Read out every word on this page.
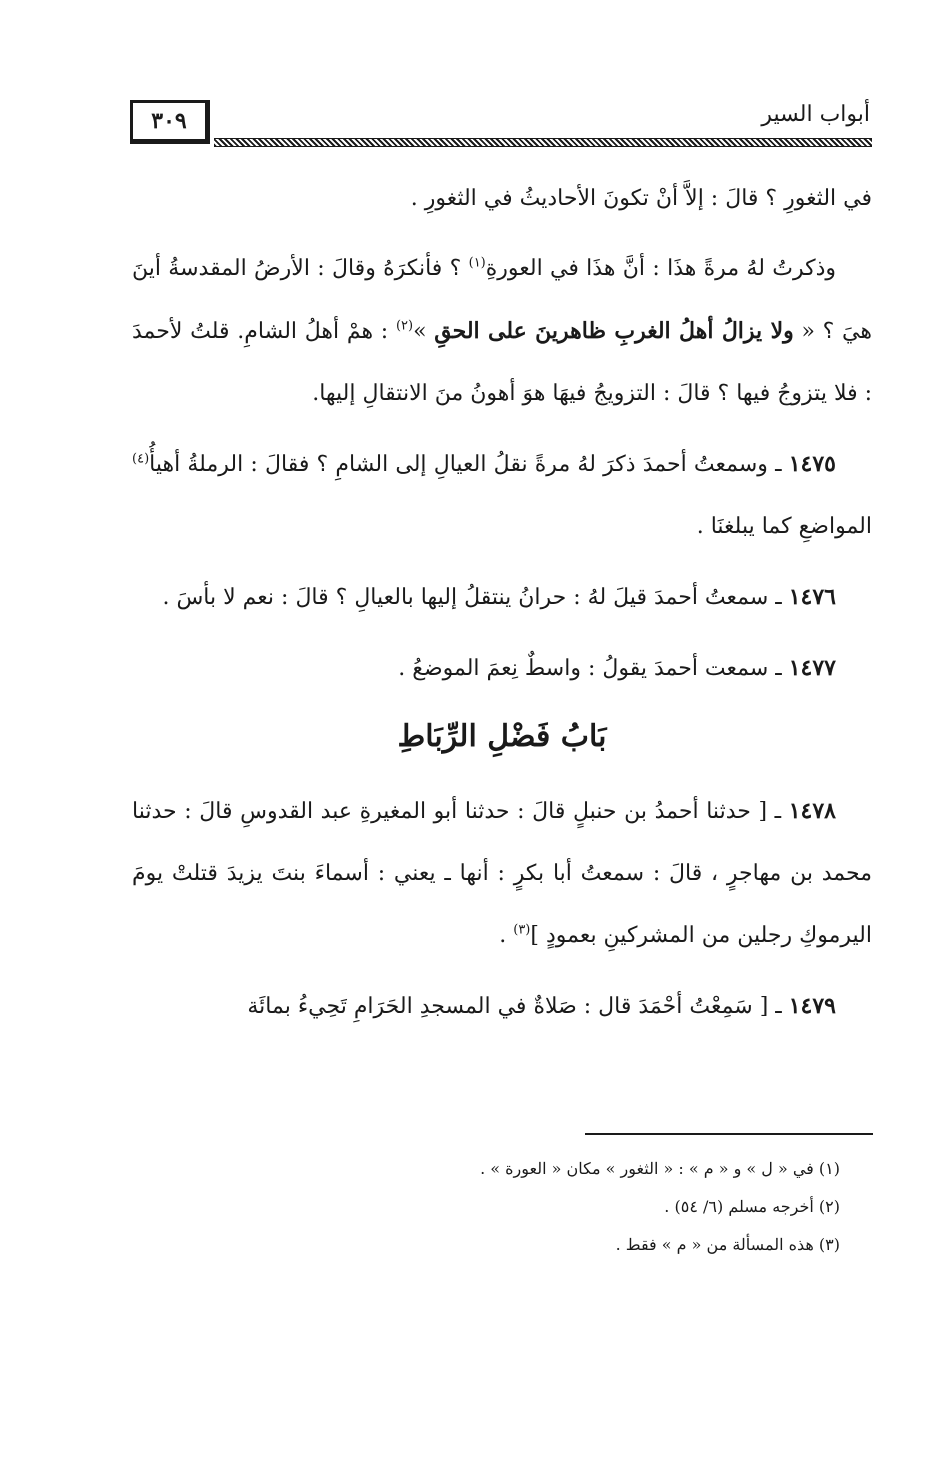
٣٠٩	أبواب السير

في الثغورِ ؟ قالَ : إلاَّ أنْ تكونَ الأحاديثُ في الثغورِ .

وذكرتُ لهُ مرةً هذَا : أنَّ هذَا في العورةِ$^{(١)}$ ؟ فأنكرَهُ وقالَ : الأرضُ المقدسةُ أينَ هيَ ؟ « ولا يزالُ أهلُ الغربِ ظاهرينَ على الحقِ »$^{(٢)}$ : همْ أهلُ الشامِ. قلتُ لأحمدَ : فلا يتزوجُ فيها ؟ قالَ : التزويجُ فيهَا هوَ أهونُ منَ الانتقالِ إليها.

١٤٧٥ ـ وسمعتُ أحمدَ ذكرَ لهُ مرةً نقلُ العيالِ إلى الشامِ ؟ فقالَ : الرملةُ أهيأُ$^{(٤)}$ المواضعِ كما يبلغنَا .

١٤٧٦ ـ سمعتُ أحمدَ قيلَ لهُ : حرانُ ينتقلُ إليها بالعيالِ ؟ قالَ : نعم لا بأسَ .

١٤٧٧ ـ سمعت أحمدَ يقولُ : واسطٌ نِعمَ الموضعُ .

بَابُ فَضْلِ الرِّبَاطِ

١٤٧٨ ـ [ حدثنا أحمدُ بن حنبلٍ قالَ : حدثنا أبو المغيرةِ عبد القدوسِ قالَ : حدثنا محمد بن مهاجرٍ ، قالَ : سمعتُ أبا بكرٍ : أنها ـ يعني : أسماءَ بنتَ يزيدَ قتلتْ يومَ اليرموكِ رجلين من المشركينِ بعمودٍ ]$^{(٣)}$ .

١٤٧٩ ـ [ سَمِعْتُ أحْمَدَ قال : صَلاةٌ في المسجدِ الحَرَامِ تَحِيءُ بمائَة

(١) في « ل » و « م » : « الثغور » مكان « العورة » .

(٢) أخرجه مسلم (٦/ ٥٤) .

(٣) هذه المسألة من « م » فقط .
